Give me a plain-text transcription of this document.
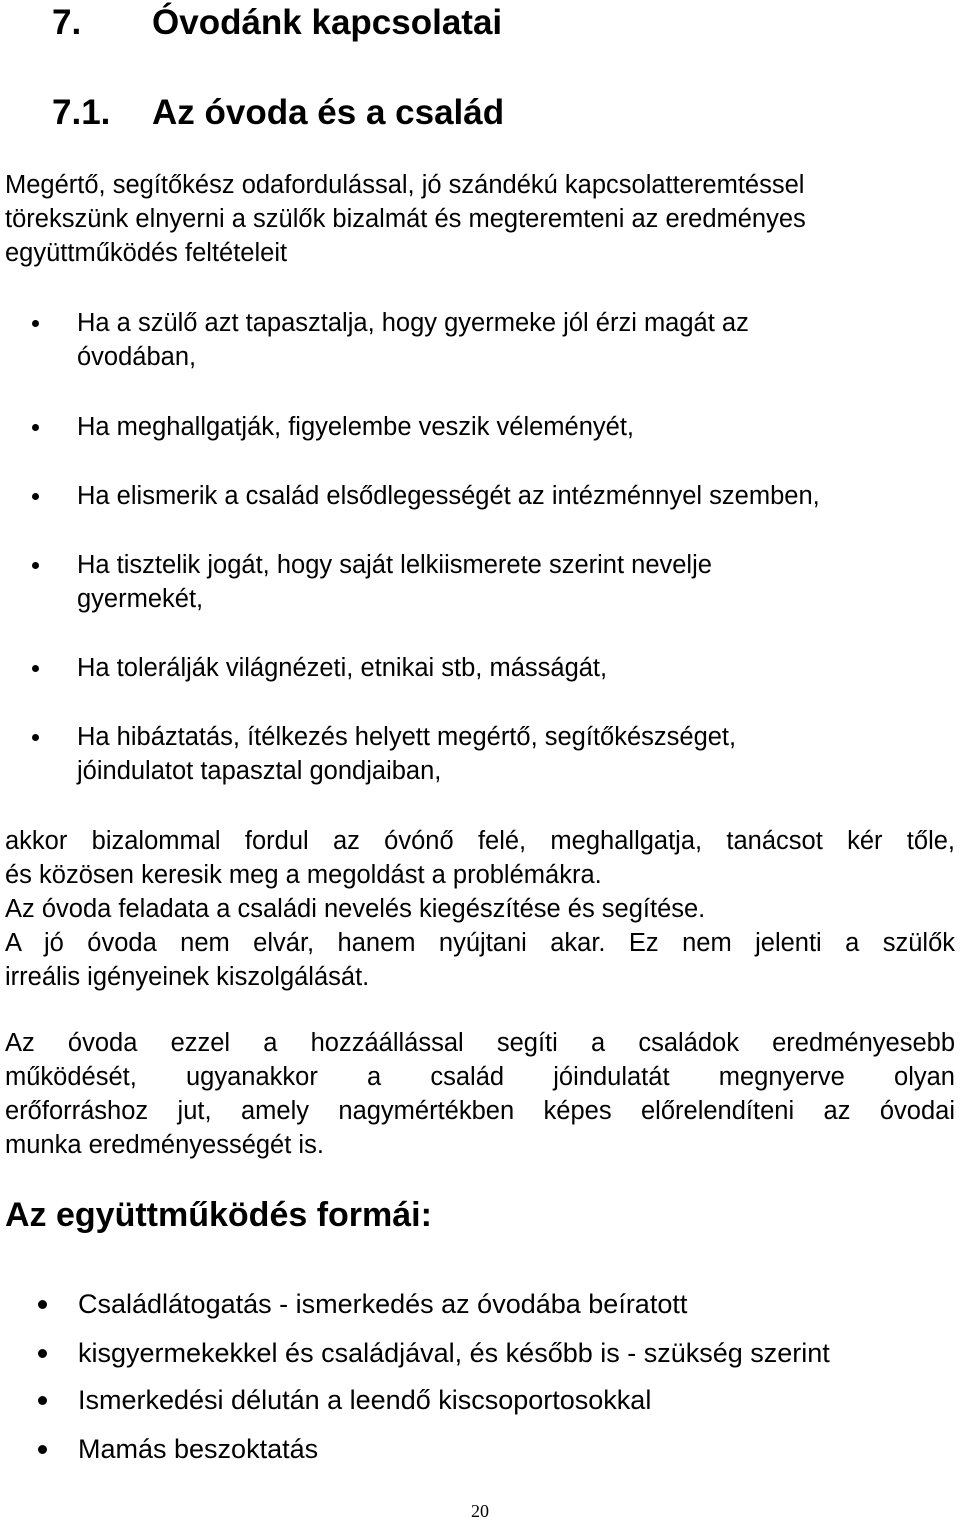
7. Óvodánk kapcsolatai
7.1. Az óvoda és a család
Megértő, segítőkész odafordulással, jó szándékú kapcsolatteremtéssel
törekszünk elnyerni a szülők bizalmát és megteremteni az eredményes
együttműködés feltételeit
Ha a szülő azt tapasztalja, hogy gyermeke jól érzi magát az
óvodában,
Ha meghallgatják, figyelembe veszik véleményét,
Ha elismerik a család elsődlegességét az intézménnyel szemben,
Ha tisztelik jogát, hogy saját lelkiismerete szerint nevelje
gyermekét,
Ha tolerálják világnézeti, etnikai stb, másságát,
Ha hibáztatás, ítélkezés helyett megértő, segítőkészséget,
jóindulatot tapasztal gondjaiban,
akkor bizalommal fordul az óvónő felé, meghallgatja, tanácsot kér tőle,
és közösen keresik meg a megoldást a problémákra.
Az óvoda feladata a családi nevelés kiegészítése és segítése.
A jó óvoda nem elvár, hanem nyújtani akar. Ez nem jelenti a szülők
irreális igényeinek kiszolgálását.
Az óvoda ezzel a hozzáállással segíti a családok eredményesebb
működését, ugyanakkor a család jóindulatát megnyerve olyan
erőforráshoz jut, amely nagymértékben képes előrelendíteni az óvodai
munka eredményességét is.
Az együttműködés formái:
Családlátogatás - ismerkedés az óvodába beíratott
kisgyermekekkel és családjával, és később is - szükség szerint
Ismerkedési délután a leendő kiscsoportosokkal
Mamás beszoktatás
20
